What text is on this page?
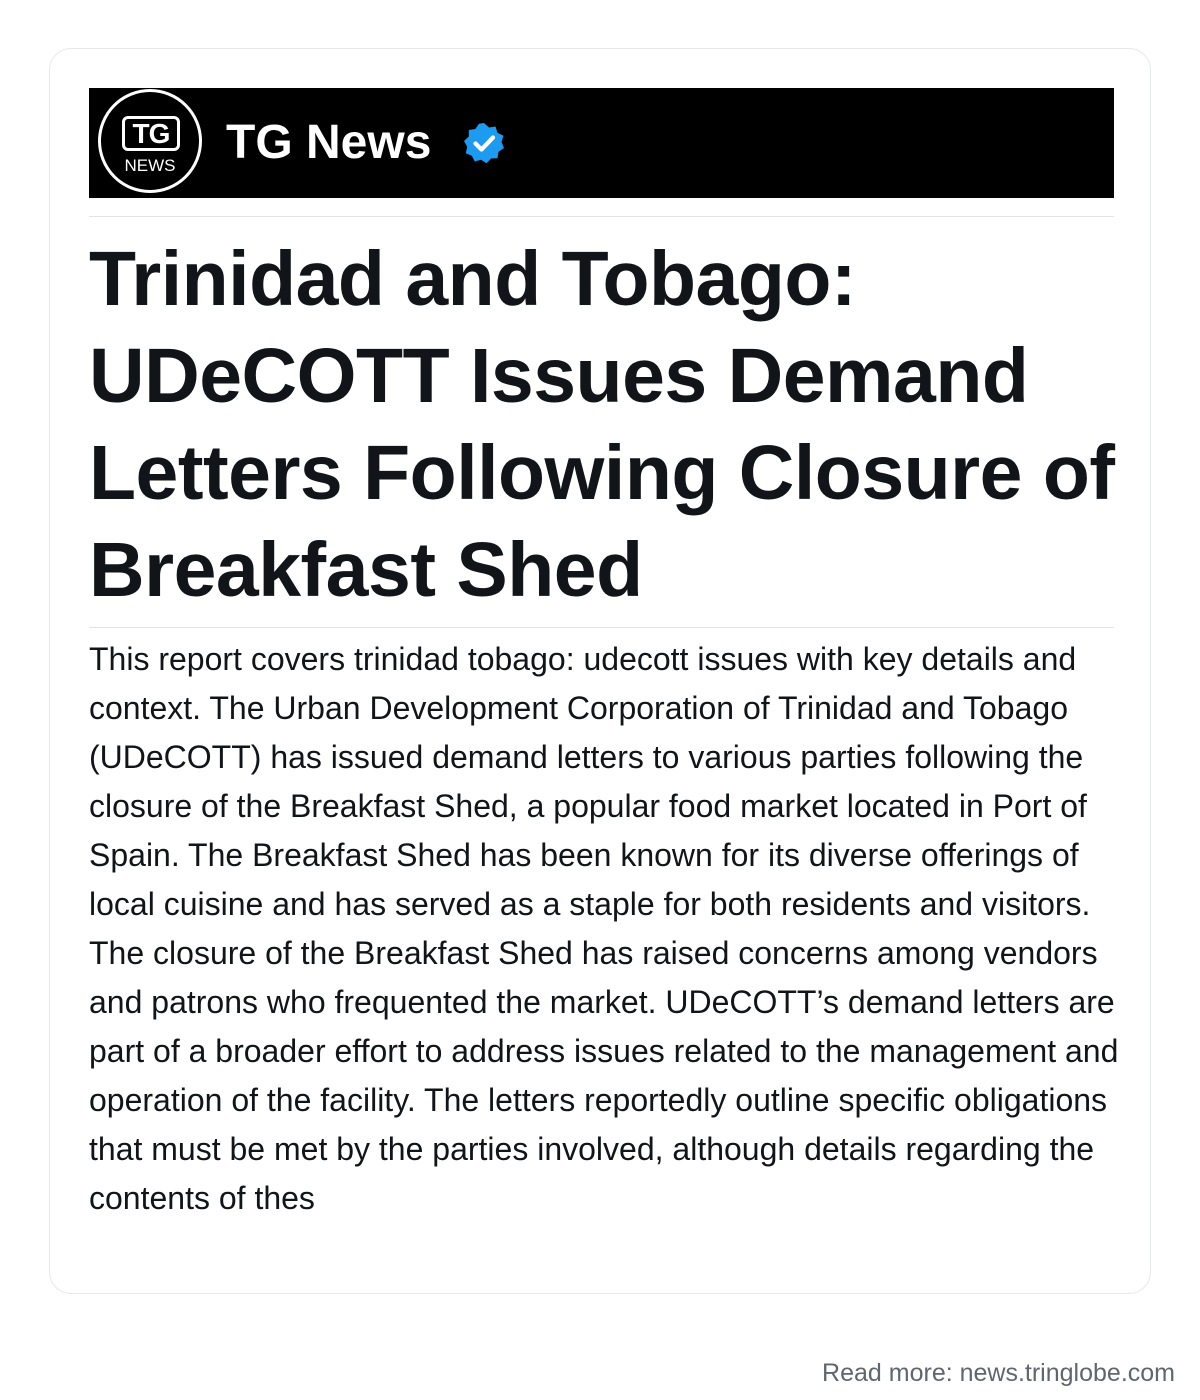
TG
NEWS	TG News
Trinidad and Tobago: UDeCOTT Issues Demand Letters Following Closure of Breakfast Shed

This report covers trinidad tobago: udecott issues with key details and context. The Urban Development Corporation of Trinidad and Tobago (UDeCOTT) has issued demand letters to various parties following the closure of the Breakfast Shed, a popular food market located in Port of Spain. The Breakfast Shed has been known for its diverse offerings of local cuisine and has served as a staple for both residents and visitors. The closure of the Breakfast Shed has raised concerns among vendors and patrons who frequented the market. UDeCOTT’s demand letters are part of a broader effort to address issues related to the management and operation of the facility. The letters reportedly outline specific obligations that must be met by the parties involved, although details regarding the contents of thes

Read more: news.tringlobe.com
